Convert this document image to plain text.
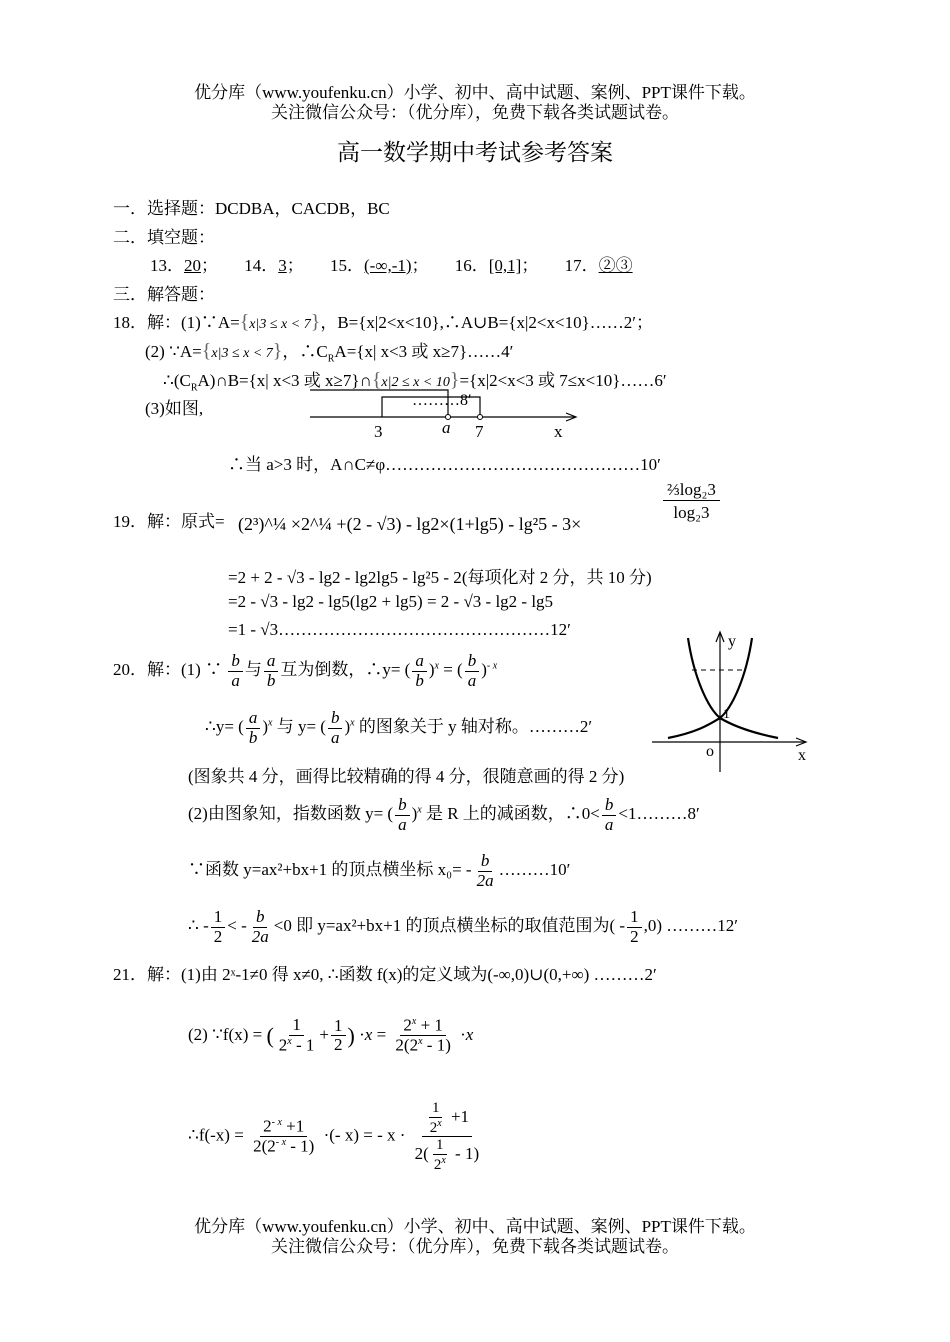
优分库（www.youfenku.cn）小学、初中、高中试题、案例、PPT课件下载。
关注微信公众号：（优分库），免费下载各类试题试卷。
高一数学期中考试参考答案
一．选择题：DCDBA，CACDB，BC
二．填空题：
13．20； 14．3； 15．(-∞,-1)； 16．[0,1]； 17．②③
三．解答题：
18．解：(1)∵A={x|3 ≤ x < 7}，B={x|2<x<10},∴A∪B={x|2<x<10}……2′；
(2) ∵A={x|3 ≤ x < 7}，$\therefore C_RA=\{x|$ x<3 或 x≥7}……4′
$\therefore(C_RA)\cap B=\{x|$ x<3 或 x≥7}∩{x|2 ≤ x < 10}={x|2<x<3 或 7≤x<10}……6′
(3)如图,	………8′
3	a 7	x
∴当 a>3 时，A∩C≠φ………………………………………10′
19．解：原式= (2³)^¼ ×2^¼ +(2 - √3) - lg2×(1+lg5) - lg²5 - 3×	$\frac{\text{⅔log₂3}}{\text{log₂3}}$
=2 + 2 - √3 - lg2 - lg2lg5 - lg²5 - 2(每项化对 2 分，共 10 分)
=2 - √3 - lg2 - lg5(lg2 + lg5) = 2 - √3 - lg2 - lg5
=1 - √3…………………………………………12′
20．解：(1) ∵ $\frac{b}{a}$ 与 $\frac{a}{b}$ 互为倒数，∴y= ( $\frac{a}{b} )^x$ = ( $\frac{b}{a} )^{- x}$
∴y= ( $\frac{a}{b} )^x$ 与 y= ( $\frac{b}{a} )^x$ 的图象关于 y 轴对称。………2′
(图象共 4 分，画得比较精确的得 4 分，很随意画的得 2 分)
(2)由图象知，指数函数 y= ( $\frac{b}{a} )^x$ 是 R 上的减函数，∴0< $\frac{b}{a}$ <1………8′
∵函数 y=ax²+bx+1 的顶点横坐标 $x_0= - \frac{b}{2a}$ ………10′
∴ - $\frac{1}{2}$ < - $\frac{b}{2a} <0$ 即 y=ax²+bx+1 的顶点横坐标的取值范围为( - $\frac{1}{2} ,0$) ………12′
y
x
o
1
21．解：(1)由 2ˣ-1≠0 得 x≠0, ∴函数 f(x)的定义域为(-∞,0)∪(0,+∞) ………2′
(2) ∵f(x) = ( $\frac{1}{2^x - 1} + \frac{1}{2}$ ) $\cdot x = \frac{2^x + 1}{2(2^x - 1)} \cdot x$
∴f(-x) = $\frac{2^{- x} +1}{2(2^{- x} - 1)}$ ·(- x) = - $x \cdot \frac{\frac{1}{2^x} +1}{2( \frac{1}{2^x} - 1)}$
优分库（www.youfenku.cn）小学、初中、高中试题、案例、PPT课件下载。
关注微信公众号：（优分库），免费下载各类试题试卷。
